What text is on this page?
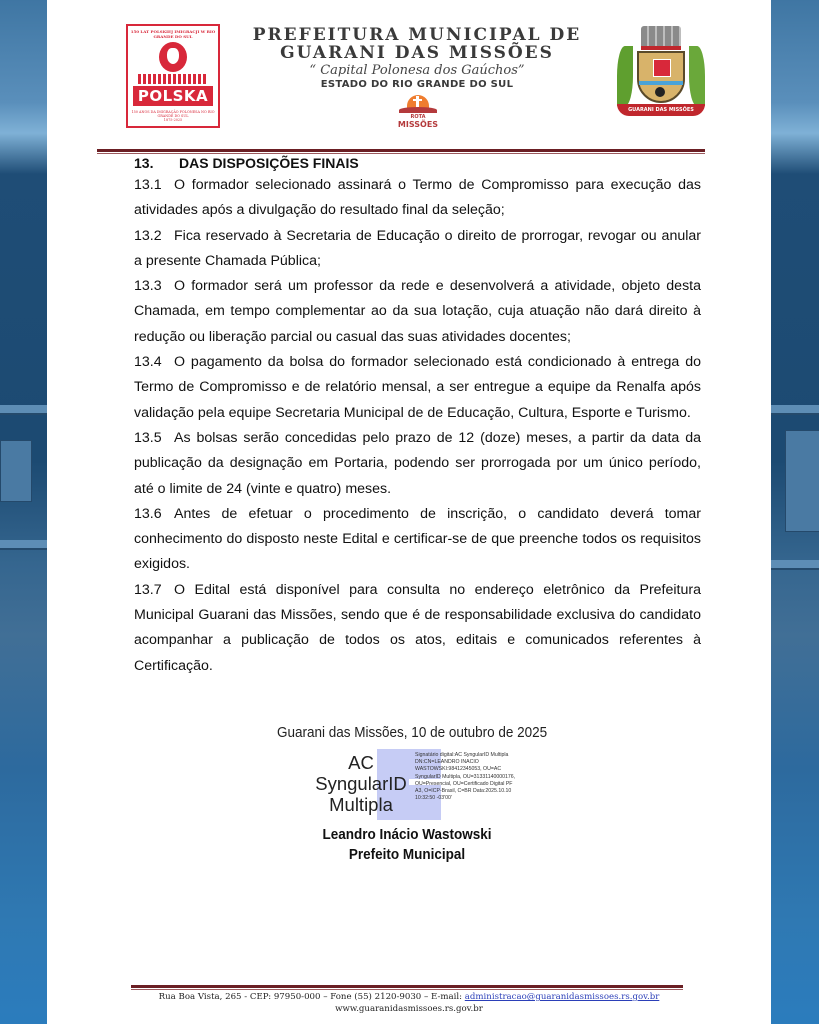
150 LAT POLSKIEJ IMIGRACJI W RIO GRANDE DO SUL
POLSKA
150 ANOS DA IMIGRAÇÃO POLONESA NO RIO GRANDE DO SUL
1875-2025
PREFEITURA MUNICIPAL DE
GUARANI DAS MISSÕES
“ Capital Polonesa dos Gaúchos”
ESTADO DO RIO GRANDE DO SUL
ROTA
MISSÕES
GUARANI DAS MISSÕES
13. DAS DISPOSIÇÕES FINAIS
13.1 O formador selecionado assinará o Termo de Compromisso para execução das atividades após a divulgação do resultado final da seleção;
13.2 Fica reservado à Secretaria de Educação o direito de prorrogar, revogar ou anular a presente Chamada Pública;
13.3 O formador será um professor da rede e desenvolverá a atividade, objeto desta Chamada, em tempo complementar ao da sua lotação, cuja atuação não dará direito à redução ou liberação parcial ou casual das suas atividades docentes;
13.4 O pagamento da bolsa do formador selecionado está condicionado à entrega do Termo de Compromisso e de relatório mensal, a ser entregue a equipe da Renalfa após validação pela equipe Secretaria Municipal de de Educação, Cultura, Esporte e Turismo.
13.5 As bolsas serão concedidas pelo prazo de 12 (doze) meses, a partir da data da publicação da designação em Portaria, podendo ser prorrogada por um único período, até o limite de 24 (vinte e quatro) meses.
13.6 Antes de efetuar o procedimento de inscrição, o candidato deverá tomar conhecimento do disposto neste Edital e certificar-se de que preenche todos os requisitos exigidos.
13.7 O Edital está disponível para consulta no endereço eletrônico da Prefeitura Municipal Guarani das Missões, sendo que é de responsabilidade exclusiva do candidato acompanhar a publicação de todos os atos, editais e comunicados referentes à Certificação.
Guarani das Missões, 10 de outubro de 2025
AC
SyngularID
Multipla
Signatário digital:AC SyngularID Multipla DN:CN=LEANDRO INACIO WASTOWSKI:98412345053, OU=AC SyngularID Multipla, OU=31331140000176, OU=Presencial, OU=Certificado Digital PF A3, O=ICP-Brasil, C=BR Data:2025.10.10 10:32:50 -03'00'
Leandro Inácio Wastowski
Prefeito Municipal
Rua Boa Vista, 265 - CEP: 97950-000 – Fone (55) 2120-9030 – E-mail: administracao@guaranidasmissoes.rs.gov.br
www.guaranidasmissoes.rs.gov.br
